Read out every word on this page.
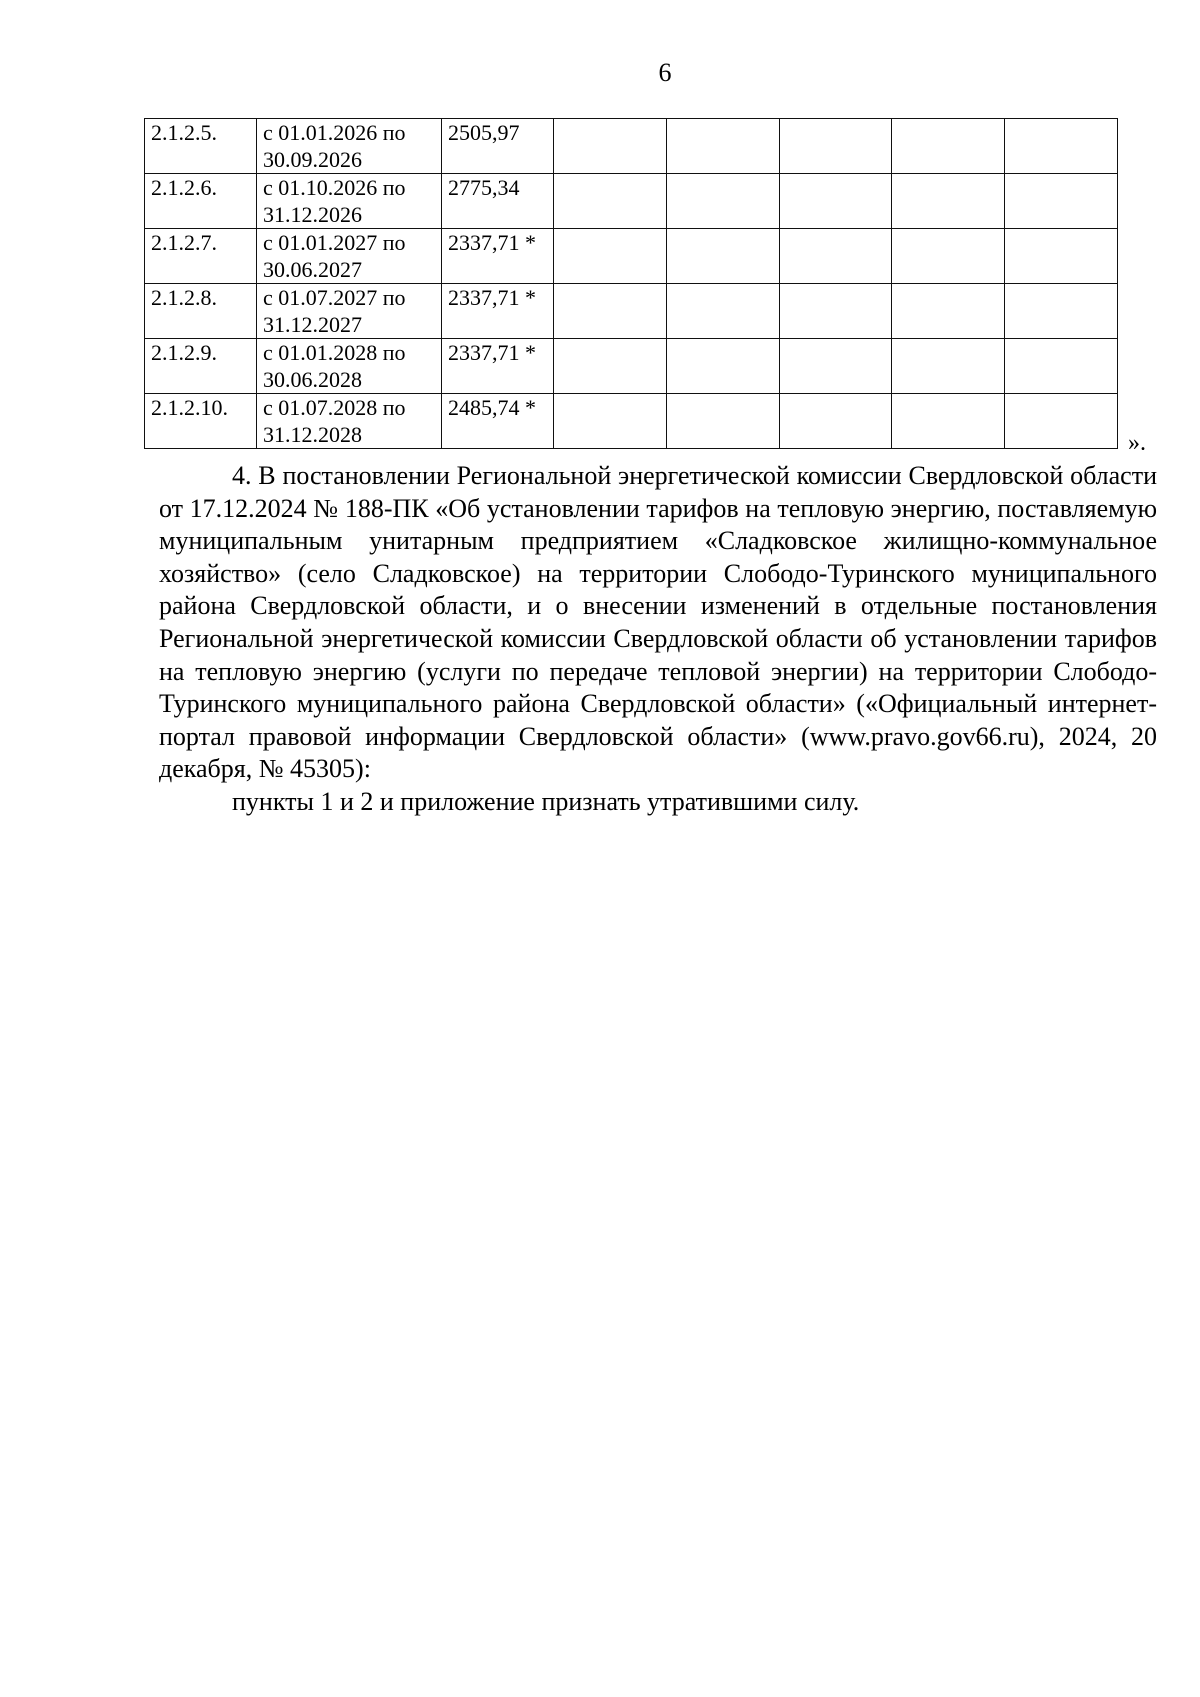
6
2.1.2.5.	с 01.01.2026 по 30.09.2026	2505,97					
2.1.2.6.	с 01.10.2026 по 31.12.2026	2775,34					
2.1.2.7.	с 01.01.2027 по 30.06.2027	2337,71 *					
2.1.2.8.	с 01.07.2027 по 31.12.2027	2337,71 *					
2.1.2.9.	с 01.01.2028 по 30.06.2028	2337,71 *					
2.1.2.10.	с 01.07.2028 по 31.12.2028	2485,74 *					
».

4. В постановлении Региональной энергетической комиссии Свердловской области от 17.12.2024 № 188-ПК «Об установлении тарифов на тепловую энергию, поставляемую муниципальным унитарным предприятием «Сладковское жилищно-коммунальное хозяйство» (село Сладковское) на территории Слободо-Туринского муниципального района Свердловской области, и о внесении изменений в отдельные постановления Региональной энергетической комиссии Свердловской области об установлении тарифов на тепловую энергию (услуги по передаче тепловой энергии) на территории Слободо-Туринского муниципального района Свердловской области» («Официальный интернет-портал правовой информации Свердловской области» (www.pravo.gov66.ru), 2024, 20 декабря, № 45305):

пункты 1 и 2 и приложение признать утратившими силу.
